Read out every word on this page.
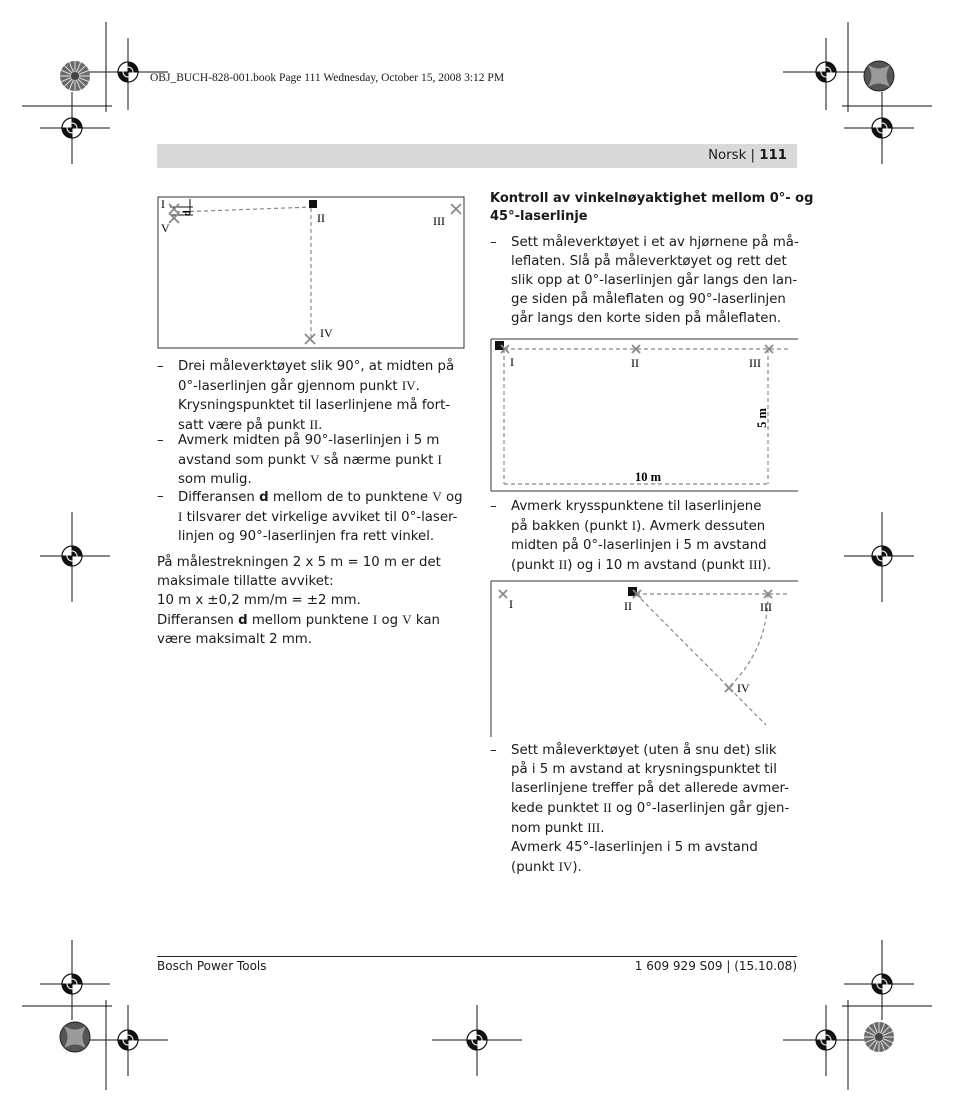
OBJ_BUCH-828-001.book Page 111 Wednesday, October 15, 2008 3:12 PM
Norsk | 111
I
V
d	II	III
IV
– Drei måleverktøyet slik 90°, at midten på
0°-laserlinjen går gjennom punkt IV.
Krysningspunktet til laserlinjene må fort-
satt være på punkt II.
– Avmerk midten på 90°-laserlinjen i 5 m
avstand som punkt V så nærme punkt I
som mulig.
– Differansen d mellom de to punktene V og
I tilsvarer det virkelige avviket til 0°-laser-
linjen og 90°-laserlinjen fra rett vinkel.
På målestrekningen 2 x 5 m = 10 m er det
maksimale tillatte avviket:
10 m x ±0,2 mm/m = ±2 mm.
Differansen d mellom punktene I og V kan
være maksimalt 2 mm.
Kontroll av vinkelnøyaktighet mellom 0°- og
45°-laserlinje
– Sett måleverktøyet i et av hjørnene på må-
leflaten. Slå på måleverktøyet og rett det
slik opp at 0°-laserlinjen går langs den lan-
ge siden på måleflaten og 90°-laserlinjen
går langs den korte siden på måleflaten.
I	II	III
5 m
10 m
– Avmerk krysspunktene til laserlinjene
på bakken (punkt I). Avmerk dessuten
midten på 0°-laserlinjen i 5 m avstand
(punkt II) og i 10 m avstand (punkt III).
I	II	III
IV
– Sett måleverktøyet (uten å snu det) slik
på i 5 m avstand at krysningspunktet til
laserlinjene treffer på det allerede avmer-
kede punktet II og 0°-laserlinjen går gjen-
nom punkt III.
Avmerk 45°-laserlinjen i 5 m avstand
(punkt IV).
Bosch Power Tools	1 609 929 S09 | (15.10.08)
